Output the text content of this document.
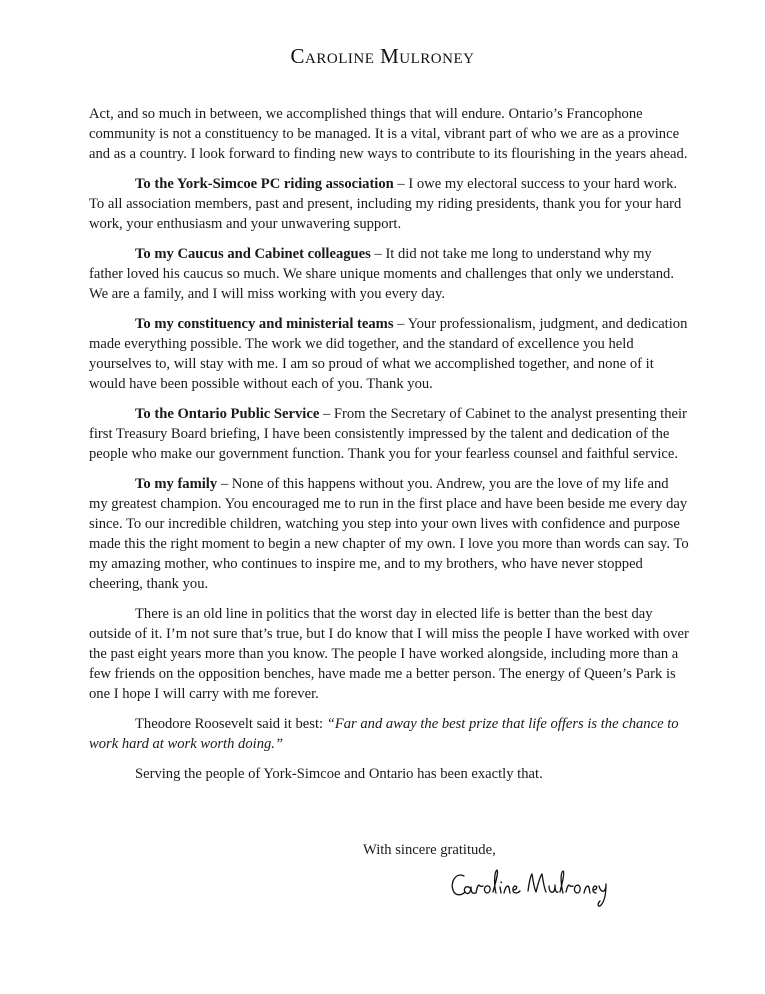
Caroline Mulroney

Act, and so much in between, we accomplished things that will endure. Ontario’s Francophone community is not a constituency to be managed. It is a vital, vibrant part of who we are as a province and as a country. I look forward to finding new ways to contribute to its flourishing in the years ahead.

To the York-Simcoe PC riding association – I owe my electoral success to your hard work. To all association members, past and present, including my riding presidents, thank you for your hard work, your enthusiasm and your unwavering support.

To my Caucus and Cabinet colleagues – It did not take me long to understand why my father loved his caucus so much. We share unique moments and challenges that only we understand. We are a family, and I will miss working with you every day.

To my constituency and ministerial teams – Your professionalism, judgment, and dedication made everything possible. The work we did together, and the standard of excellence you held yourselves to, will stay with me. I am so proud of what we accomplished together, and none of it would have been possible without each of you. Thank you.

To the Ontario Public Service – From the Secretary of Cabinet to the analyst presenting their first Treasury Board briefing, I have been consistently impressed by the talent and dedication of the people who make our government function. Thank you for your fearless counsel and faithful service.

To my family – None of this happens without you. Andrew, you are the love of my life and my greatest champion. You encouraged me to run in the first place and have been beside me every day since. To our incredible children, watching you step into your own lives with confidence and purpose made this the right moment to begin a new chapter of my own. I love you more than words can say. To my amazing mother, who continues to inspire me, and to my brothers, who have never stopped cheering, thank you.

There is an old line in politics that the worst day in elected life is better than the best day outside of it. I’m not sure that’s true, but I do know that I will miss the people I have worked with over the past eight years more than you know. The people I have worked alongside, including more than a few friends on the opposition benches, have made me a better person. The energy of Queen’s Park is one I hope I will carry with me forever.

Theodore Roosevelt said it best: “Far and away the best prize that life offers is the chance to work hard at work worth doing.”

Serving the people of York-Simcoe and Ontario has been exactly that.

With sincere gratitude,
